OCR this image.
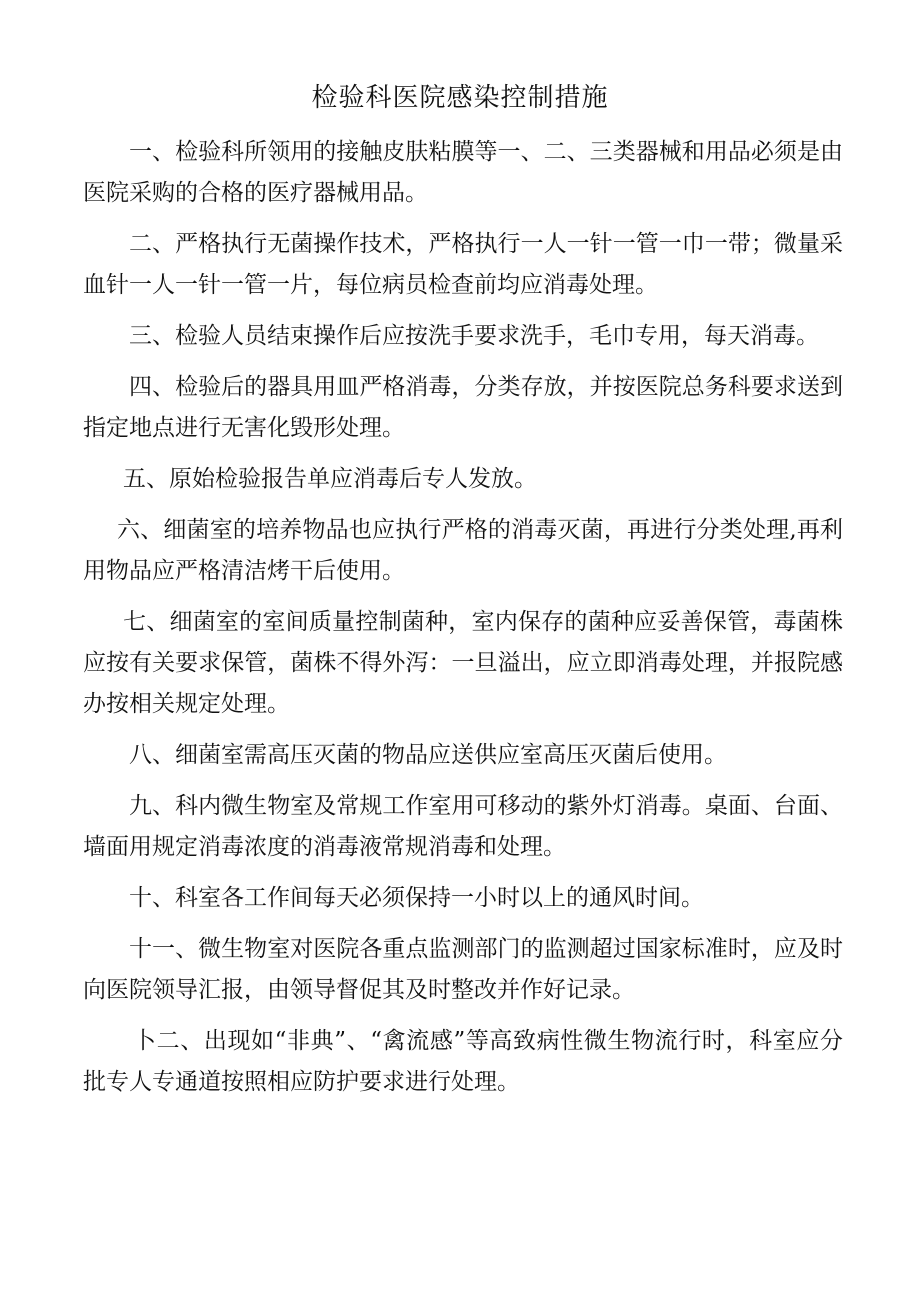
检验科医院感染控制措施

一、检验科所领用的接触皮肤粘膜等一、二、三类器械和用品必须是由医院采购的合格的医疗器械用品。

二、严格执行无菌操作技术，严格执行一人一针一管一巾一带；微量采血针一人一针一管一片，每位病员检查前均应消毒处理。

三、检验人员结束操作后应按洗手要求洗手，毛巾专用，每天消毒。

四、检验后的器具用皿严格消毒，分类存放，并按医院总务科要求送到指定地点进行无害化毁形处理。

五、原始检验报告单应消毒后专人发放。

六、细菌室的培养物品也应执行严格的消毒灭菌，再进行分类处理,再利用物品应严格清洁烤干后使用。

七、细菌室的室间质量控制菌种，室内保存的菌种应妥善保管，毒菌株应按有关要求保管，菌株不得外泻：一旦溢出，应立即消毒处理，并报院感办按相关规定处理。

八、细菌室需高压灭菌的物品应送供应室高压灭菌后使用。

九、科内微生物室及常规工作室用可移动的紫外灯消毒。桌面、台面、墙面用规定消毒浓度的消毒液常规消毒和处理。

十、科室各工作间每天必须保持一小时以上的通风时间。

十一、微生物室对医院各重点监测部门的监测超过国家标准时，应及时向医院领导汇报，由领导督促其及时整改并作好记录。

卜二、出现如“非典”、“禽流感”等高致病性微生物流行时，科室应分批专人专通道按照相应防护要求进行处理。
